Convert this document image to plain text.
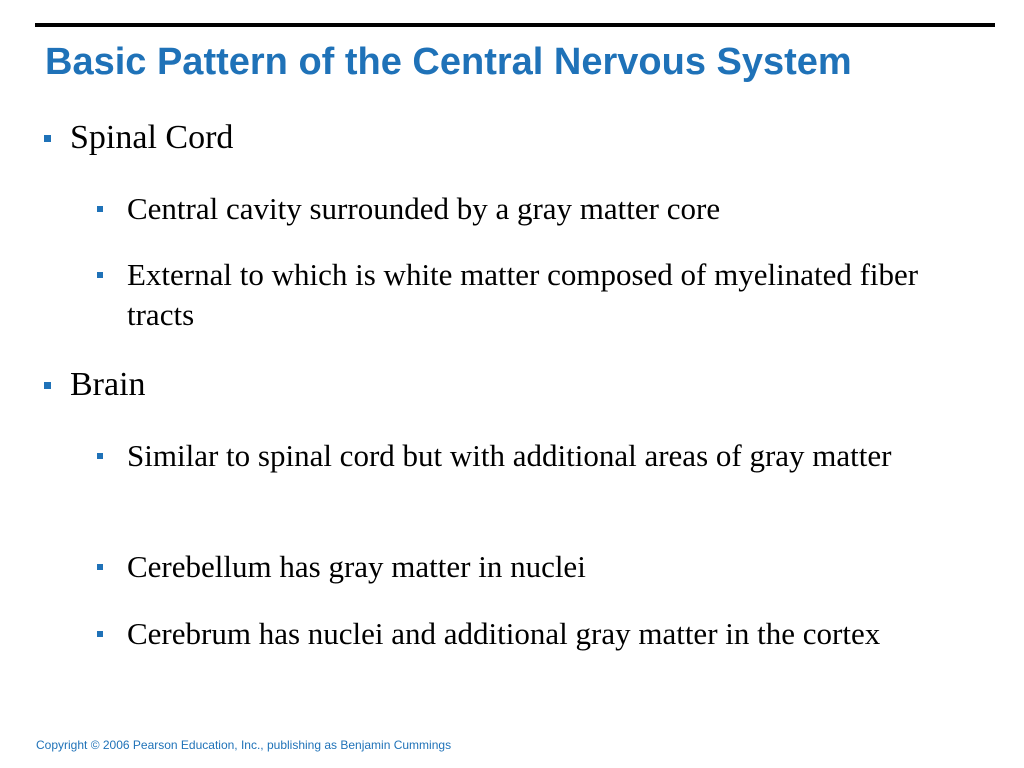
Basic Pattern of the Central Nervous System
Spinal Cord
Central cavity surrounded by a gray matter core
External to which is white matter composed of myelinated fiber tracts
Brain
Similar to spinal cord but with additional areas of gray matter
Cerebellum has gray matter in nuclei
Cerebrum has nuclei and additional gray matter in the cortex
Copyright © 2006 Pearson Education, Inc., publishing as Benjamin Cummings
